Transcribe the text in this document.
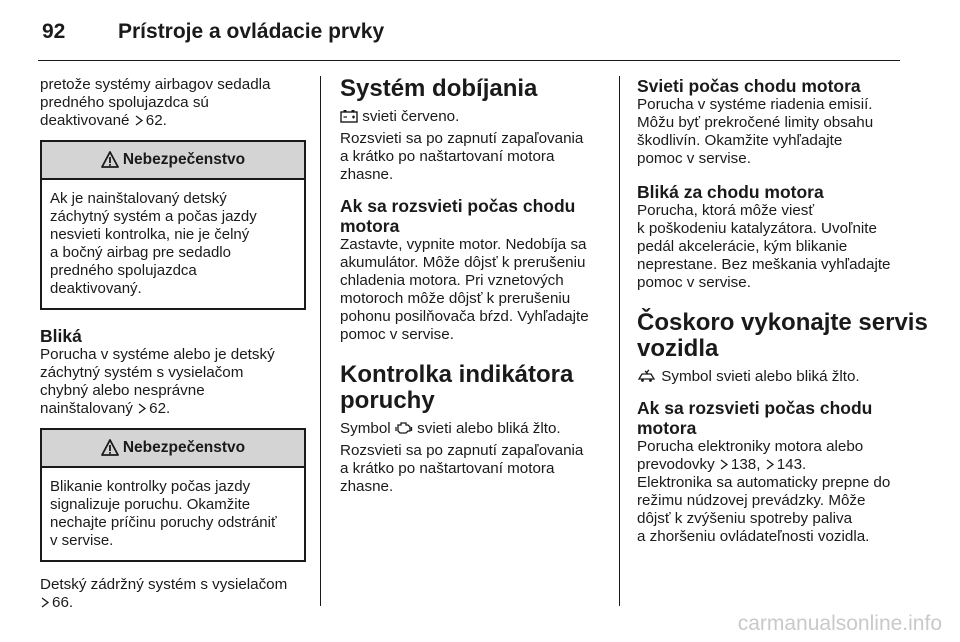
92	Prístroje a ovládacie prvky
pretože systémy airbagov sedadla
predného spolujazdca sú
deaktivované 62.
Nebezpečenstvo
Ak je nainštalovaný detský
záchytný systém a počas jazdy
nesvieti kontrolka, nie je čelný
a bočný airbag pre sedadlo
predného spolujazdca
deaktivovaný.
Bliká
Porucha v systéme alebo je detský
záchytný systém s vysielačom
chybný alebo nesprávne
nainštalovaný 62.
Nebezpečenstvo
Blikanie kontrolky počas jazdy
signalizuje poruchu. Okamžite
nechajte príčinu poruchy odstrániť
v servise.
Detský zádržný systém s vysielačom
66.
Systém dobíjania
svieti červeno.
Rozsvieti sa po zapnutí zapaľovania
a krátko po naštartovaní motora
zhasne.
Ak sa rozsvieti počas chodu
motora
Zastavte, vypnite motor. Nedobíja sa
akumulátor. Môže dôjsť k prerušeniu
chladenia motora. Pri vznetových
motoroch môže dôjsť k prerušeniu
pohonu posilňovača bŕzd. Vyhľadajte
pomoc v servise.
Kontrolka indikátora
poruchy
Symbol svieti alebo bliká žlto.
Rozsvieti sa po zapnutí zapaľovania
a krátko po naštartovaní motora
zhasne.
Svieti počas chodu motora
Porucha v systéme riadenia emisií.
Môžu byť prekročené limity obsahu
škodlivín. Okamžite vyhľadajte
pomoc v servise.
Bliká za chodu motora
Porucha, ktorá môže viesť
k poškodeniu katalyzátora. Uvoľnite
pedál akcelerácie, kým blikanie
neprestane. Bez meškania vyhľadajte
pomoc v servise.
Čoskoro vykonajte servis
vozidla
Symbol svieti alebo bliká žlto.
Ak sa rozsvieti počas chodu
motora
Porucha elektroniky motora alebo
prevodovky 138, 143.
Elektronika sa automaticky prepne do
režimu núdzovej prevádzky. Môže
dôjsť k zvýšeniu spotreby paliva
a zhoršeniu ovládateľnosti vozidla.
carmanualsonline.info
